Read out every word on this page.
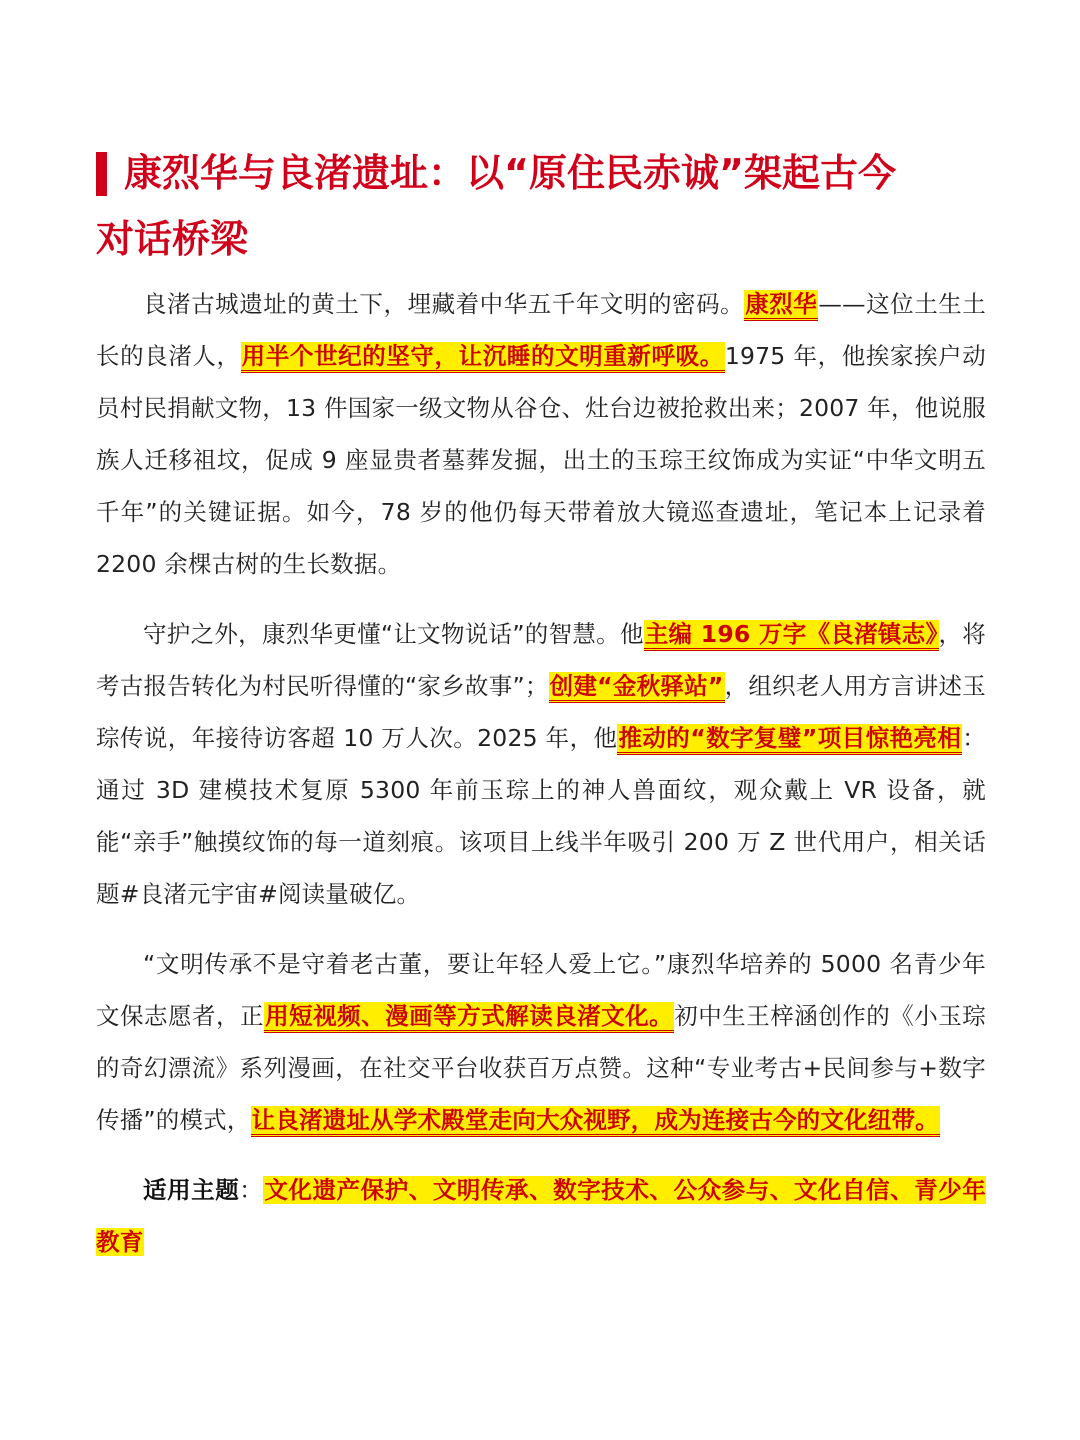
康烈华与良渚遗址：以“原住民赤诚”架起古今
对话桥梁

良渚古城遗址的黄土下，埋藏着中华五千年文明的密码。康烈华——这位土生土长的良渚人，用半个世纪的坚守，让沉睡的文明重新呼吸。1975 年，他挨家挨户动员村民捐献文物，13 件国家一级文物从谷仓、灶台边被抢救出来；2007 年，他说服族人迁移祖坟，促成 9 座显贵者墓葬发掘，出土的玉琮王纹饰成为实证“中华文明五千年”的关键证据。如今，78 岁的他仍每天带着放大镜巡查遗址，笔记本上记录着 2200 余棵古树的生长数据。

守护之外，康烈华更懂“让文物说话”的智慧。他主编 196 万字《良渚镇志》，将考古报告转化为村民听得懂的“家乡故事”；创建“金秋驿站”，组织老人用方言讲述玉琮传说，年接待访客超 10 万人次。2025 年，他推动的“数字复璧”项目惊艳亮相：通过 3D 建模技术复原 5300 年前玉琮上的神人兽面纹，观众戴上 VR 设备，就能“亲手”触摸纹饰的每一道刻痕。该项目上线半年吸引 200 万 Z 世代用户，相关话题#良渚元宇宙#阅读量破亿。

“文明传承不是守着老古董，要让年轻人爱上它。”康烈华培养的 5000 名青少年文保志愿者，正用短视频、漫画等方式解读良渚文化。初中生王梓涵创作的《小玉琮的奇幻漂流》系列漫画，在社交平台收获百万点赞。这种“专业考古+民间参与+数字传播”的模式，让良渚遗址从学术殿堂走向大众视野，成为连接古今的文化纽带。

适用主题：文化遗产保护、文明传承、数字技术、公众参与、文化自信、青少年教育
